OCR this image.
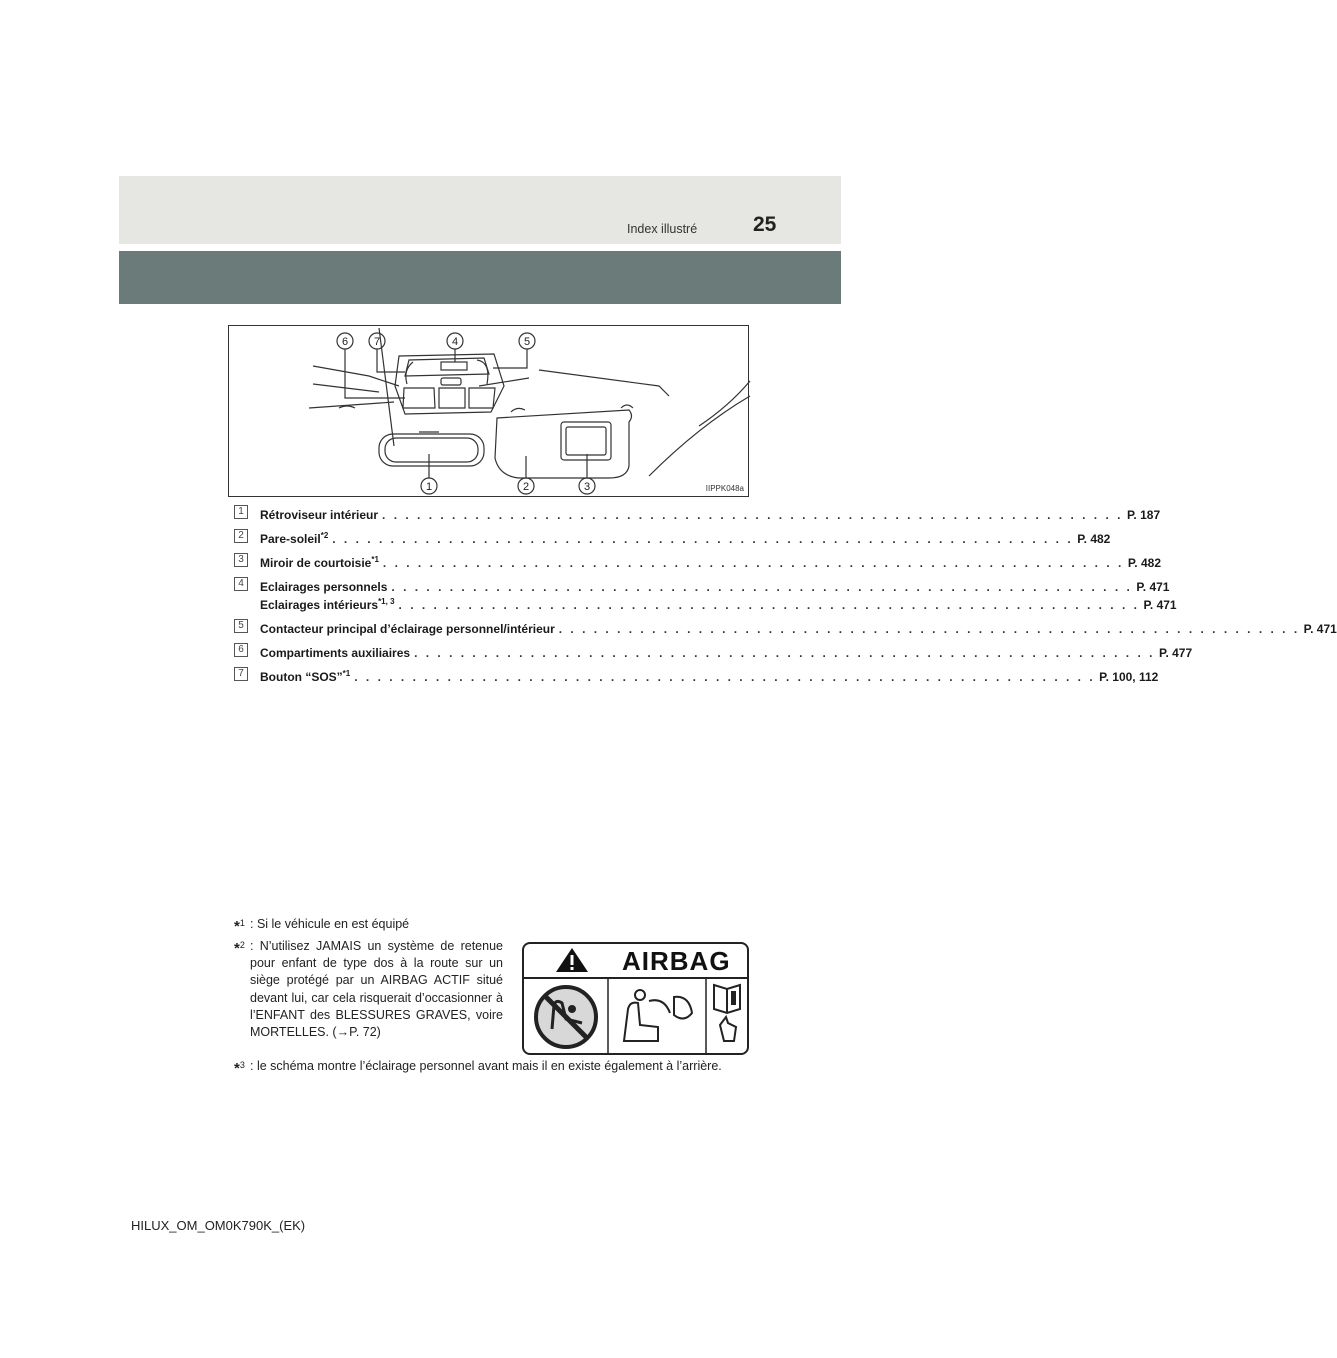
Index illustré	25
6 7	4	5
1	2	3	IIPPK048a
1	Rétroviseur intérieur . . . . . . . . . . . . . . . . . . . . . . . . . . . . . . . . . . . . . . . . . . . . . . . . . . . . . . . . . . . . . . . . P. 187
2	Pare-soleil$^{*2}$ . . . . . . . . . . . . . . . . . . . . . . . . . . . . . . . . . . . . . . . . . . . . . . . . . . . . . . . . . . . . . . . . P. 482
3	Miroir de courtoisie$^{*1}$ . . . . . . . . . . . . . . . . . . . . . . . . . . . . . . . . . . . . . . . . . . . . . . . . . . . . . . . . . . . . . . . . P. 482
4	Eclairages personnels . . . . . . . . . . . . . . . . . . . . . . . . . . . . . . . . . . . . . . . . . . . . . . . . . . . . . . . . . . . . . . . . P. 471
Eclairages intérieurs$^{*1, 3}$ . . . . . . . . . . . . . . . . . . . . . . . . . . . . . . . . . . . . . . . . . . . . . . . . . . . . . . . . . . . . . . . . P. 471
5	Contacteur principal d’éclairage personnel/intérieur . . . . . . . . . . . . . . . . . . . . . . . . . . . . . . . . . . . . . . . . . . . . . . . . . . . . . . . . . . . . . . . . P. 471
6	Compartiments auxiliaires . . . . . . . . . . . . . . . . . . . . . . . . . . . . . . . . . . . . . . . . . . . . . . . . . . . . . . . . . . . . . . . . P. 477
7	Bouton “SOS”$^{*1}$ . . . . . . . . . . . . . . . . . . . . . . . . . . . . . . . . . . . . . . . . . . . . . . . . . . . . . . . . . . . . . . . . P. 100, 112
*$^1$ : Si le véhicule en est équipé
*$^2$ : N’utilisez JAMAIS un système de retenue pour enfant de type dos à la route sur un siège protégé par un AIRBAG ACTIF situé devant lui, car cela risquerait d’occasionner à l’ENFANT des BLESSURES GRAVES, voire MORTELLES. (→P. 72)
*$^3$ : le schéma montre l’éclairage personnel avant mais il en existe également à l’arrière.
AIRBAG
HILUX_OM_OM0K790K_(EK)
